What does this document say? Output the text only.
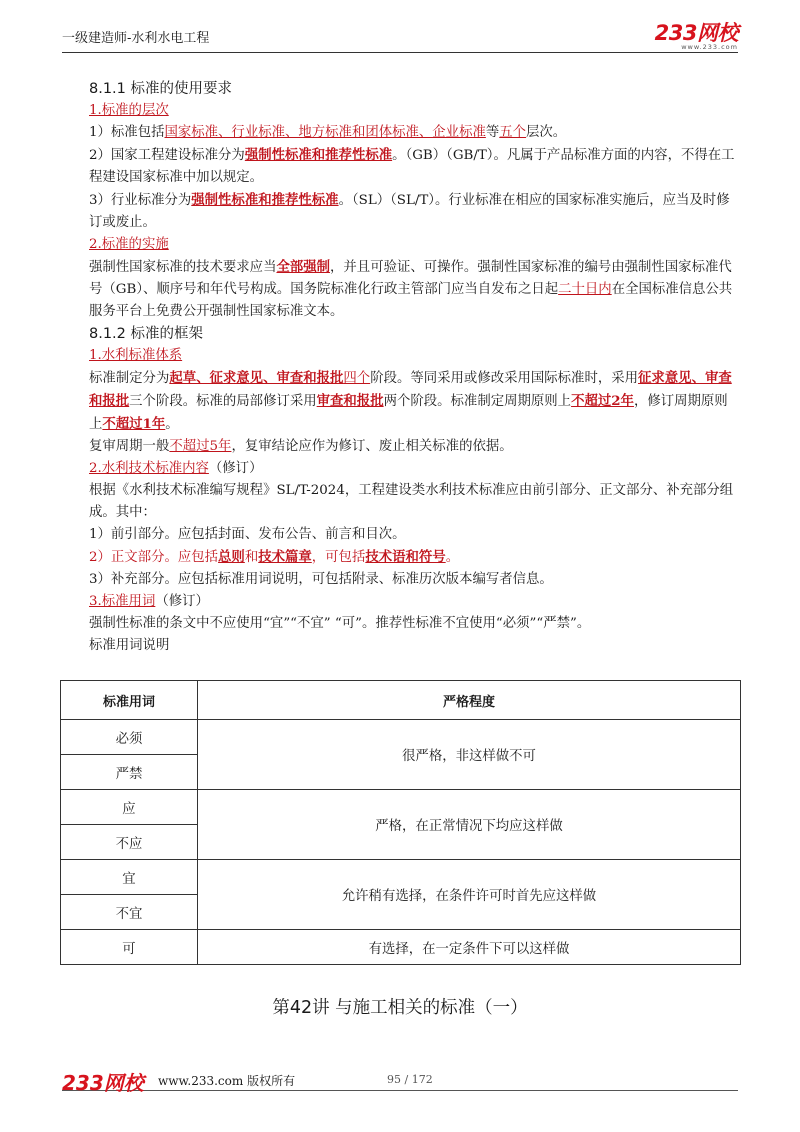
一级建造师-水利水电工程	233网校
www.233.com

8.1.1 标准的使用要求

1.标准的层次

1）标准包括国家标准、行业标准、地方标准和团体标准、企业标准等五个层次。

2）国家工程建设标准分为强制性标准和推荐性标准。（GB）（GB/T）。凡属于产品标准方面的内容，不得在工程建设国家标准中加以规定。

3）行业标准分为强制性标准和推荐性标准。（SL）（SL/T）。行业标准在相应的国家标准实施后，应当及时修订或废止。

2.标准的实施

强制性国家标准的技术要求应当全部强制，并且可验证、可操作。强制性国家标准的编号由强制性国家标准代号（GB）、顺序号和年代号构成。国务院标准化行政主管部门应当自发布之日起二十日内在全国标准信息公共服务平台上免费公开强制性国家标准文本。

8.1.2 标准的框架

1.水利标准体系

标准制定分为起草、征求意见、审查和报批四个阶段。等同采用或修改采用国际标准时，采用征求意见、审查和报批三个阶段。标准的局部修订采用审查和报批两个阶段。标准制定周期原则上不超过2年，修订周期原则上不超过1年。

复审周期一般不超过5年，复审结论应作为修订、废止相关标准的依据。

2.水利技术标准内容（修订）

根据《水利技术标准编写规程》SL/T-2024，工程建设类水利技术标准应由前引部分、正文部分、补充部分组成。其中：

1）前引部分。应包括封面、发布公告、前言和目次。

2）正文部分。应包括总则和技术篇章，可包括技术语和符号。

3）补充部分。应包括标准用词说明，可包括附录、标准历次版本编写者信息。

3.标准用词（修订）

强制性标准的条文中不应使用“宜”“不宜” “可”。推荐性标准不宜使用“必须”“严禁”。

标准用词说明

标准用词	严格程度
必须	很严格，非这样做不可
严禁	
应	严格，在正常情况下均应这样做
不应	
宜	允许稍有选择，在条件许可时首先应这样做
不宜	
可	有选择，在一定条件下可以这样做
第42讲 与施工相关的标准（一）
233网校 www.233.com 版权所有	95 / 172
